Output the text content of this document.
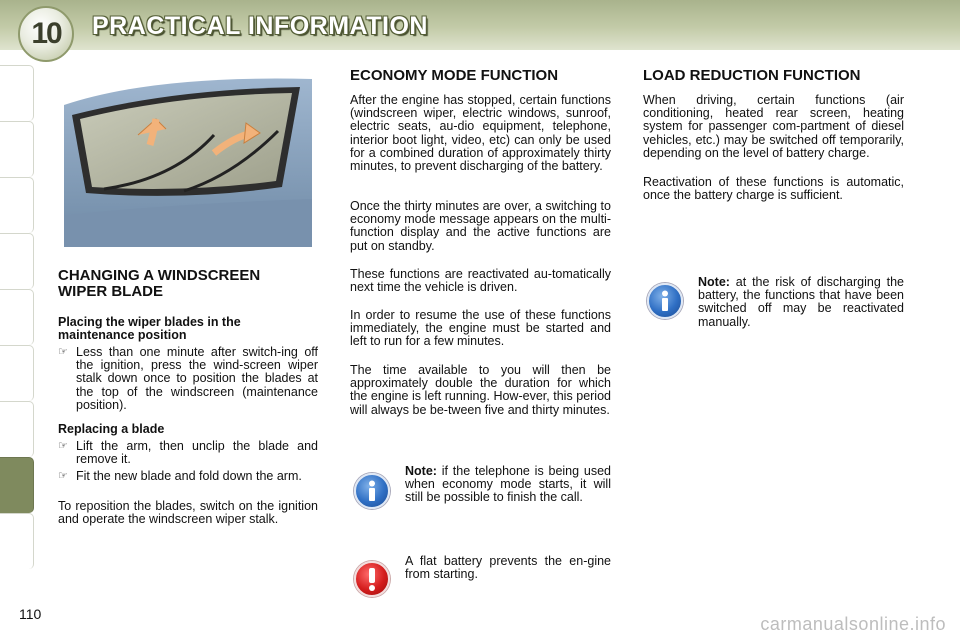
10 PRACTICAL INFORMATION
CHANGING A WINDSCREEN WIPER BLADE
Placing the wiper blades in the maintenance position
☞ Less than one minute after switch-ing off the ignition, press the wind-screen wiper stalk down once to position the blades at the top of the windscreen (maintenance position).
Replacing a blade
☞ Lift the arm, then unclip the blade and remove it.
☞ Fit the new blade and fold down the arm.
To reposition the blades, switch on the ignition and operate the windscreen wiper stalk.
ECONOMY MODE FUNCTION
After the engine has stopped, certain functions (windscreen wiper, electric windows, sunroof, electric seats, au-dio equipment, telephone, interior boot light, video, etc) can only be used for a combined duration of approximately thirty minutes, to prevent discharging of the battery.
Once the thirty minutes are over, a switching to economy mode message appears on the multi-function display and the active functions are put on standby.
These functions are reactivated au-tomatically next time the vehicle is driven.
In order to resume the use of these functions immediately, the engine must be started and left to run for a few minutes.
The time available to you will then be approximately double the duration for which the engine is left running. How-ever, this period will always be be-tween five and thirty minutes.
Note: if the telephone is being used when economy mode starts, it will still be possible to finish the call.
A flat battery prevents the en-gine from starting.
LOAD REDUCTION FUNCTION
When driving, certain functions (air conditioning, heated rear screen, heating system for passenger com-partment of diesel vehicles, etc.) may be switched off temporarily, depending on the level of battery charge.
Reactivation of these functions is automatic, once the battery charge is sufficient.
Note: at the risk of discharging the battery, the functions that have been switched off may be reactivated manually.
110	carmanualsonline.info
